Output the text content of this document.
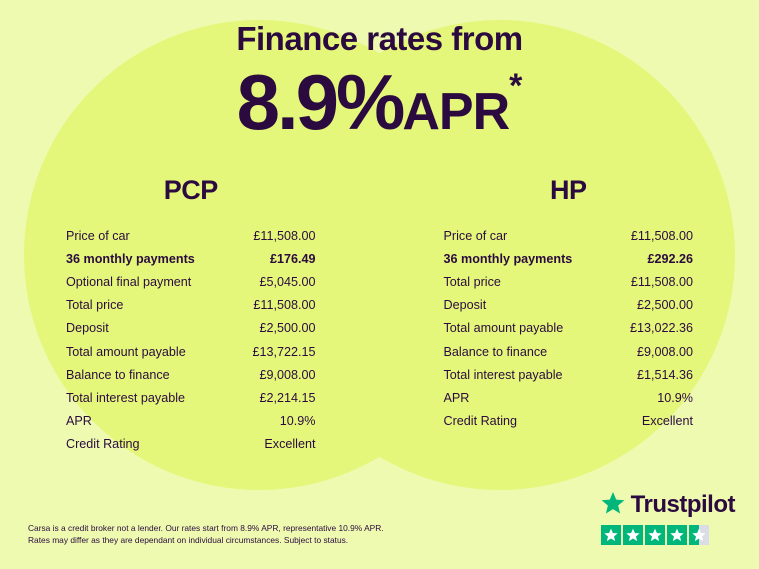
Finance rates from
8.9%APR*
PCP
Price of car	£11,508.00
36 monthly payments	£176.49
Optional final payment	£5,045.00
Total price	£11,508.00
Deposit	£2,500.00
Total amount payable	£13,722.15
Balance to finance	£9,008.00
Total interest payable	£2,214.15
APR	10.9%
Credit Rating	Excellent
HP
Price of car	£11,508.00
36 monthly payments	£292.26
Total price	£11,508.00
Deposit	£2,500.00
Total amount payable	£13,022.36
Balance to finance	£9,008.00
Total interest payable	£1,514.36
APR	10.9%
Credit Rating	Excellent
Carsa is a credit broker not a lender. Our rates start from 8.9% APR, representative 10.9% APR.
Rates may differ as they are dependant on individual circumstances. Subject to status.
Trustpilot
